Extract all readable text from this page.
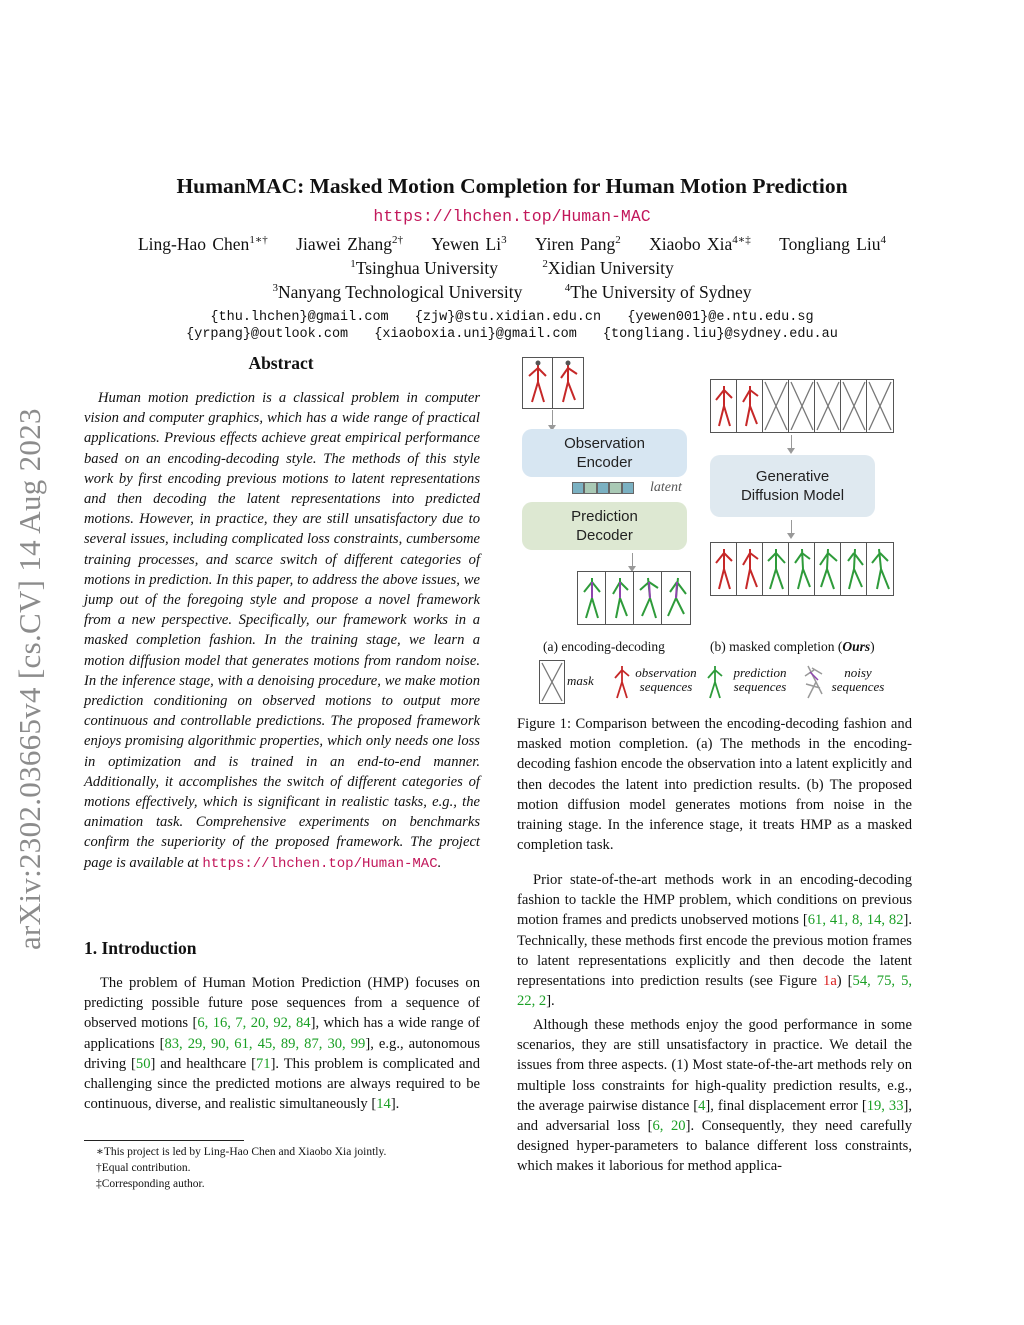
HumanMAC: Masked Motion Completion for Human Motion Prediction
https://lhchen.top/Human-MAC
Ling-Hao Chen$^{1∗\dagger}$ Jiawei Zhang$^{2\dagger}$ Yewen Li$^3$ Yiren Pang$^2$ Xiaobo Xia$^{4∗\ddagger}$ Tongliang Liu$^4$
$^1$Tsinghua University	$^2$Xidian University
$^3$Nanyang Technological University	$^4$The University of Sydney
{thu.lhchen}@gmail.com {zjw}@stu.xidian.edu.cn {yewen001}@e.ntu.edu.sg
{yrpang}@outlook.com {xiaoboxia.uni}@gmail.com {tongliang.liu}@sydney.edu.au
arXiv:2302.03665v4 [cs.CV] 14 Aug 2023
Abstract
Human motion prediction is a classical problem in computer vision and computer graphics, which has a wide range of practical applications. Previous effects achieve great empirical performance based on an encoding-decoding style. The methods of this style work by first encoding previous motions to latent representations and then decoding the latent representations into predicted motions. However, in practice, they are still unsatisfactory due to several issues, including complicated loss constraints, cumbersome training processes, and scarce switch of different categories of motions in prediction. In this paper, to address the above issues, we jump out of the foregoing style and propose a novel framework from a new perspective. Specifically, our framework works in a masked completion fashion. In the training stage, we learn a motion diffusion model that generates motions from random noise. In the inference stage, with a denoising procedure, we make motion prediction conditioning on observed motions to output more continuous and controllable predictions. The proposed framework enjoys promising algorithmic properties, which only needs one loss in optimization and is trained in an end-to-end manner. Additionally, it accomplishes the switch of different categories of motions effectively, which is significant in realistic tasks, e.g., the animation task. Comprehensive experiments on benchmarks confirm the superiority of the proposed framework. The project page is available at https://lhchen.top/Human-MAC.
1. Introduction
The problem of Human Motion Prediction (HMP) focuses on predicting possible future pose sequences from a sequence of observed motions [6, 16, 7, 20, 92, 84], which has a wide range of applications [83, 29, 90, 61, 45, 89, 87, 30, 99], e.g., autonomous driving [50] and healthcare [71]. This problem is complicated and challenging since the predicted motions are always required to be continuous, diverse, and realistic simultaneously [14].
∗This project is led by Ling-Hao Chen and Xiaobo Xia jointly.
†Equal contribution.
‡Corresponding author.
Observation Encoder
latent
Prediction Decoder
Generative Diffusion Model
(a) encoding-decoding	(b) masked completion (Ours)
mask
observation sequences
prediction sequences
noisy sequences
Figure 1: Comparison between the encoding-decoding fashion and masked motion completion. (a) The methods in the encoding-decoding fashion encode the observation into a latent explicitly and then decodes the latent into prediction results. (b) The proposed motion diffusion model generates motions from noise in the training stage. In the inference stage, it treats HMP as a masked completion task.
Prior state-of-the-art methods work in an encoding-decoding fashion to tackle the HMP problem, which conditions on previous motion frames and predicts unobserved motions [61, 41, 8, 14, 82]. Technically, these methods first encode the previous motion frames to latent representations explicitly and then decode the latent representations into prediction results (see Figure 1a) [54, 75, 5, 22, 2].
Although these methods enjoy the good performance in some scenarios, they are still unsatisfactory in practice. We detail the issues from three aspects. (1) Most state-of-the-art methods rely on multiple loss constraints for high-quality prediction results, e.g., the average pairwise distance [4], final displacement error [19, 33], and adversarial loss [6, 20]. Consequently, they need carefully designed hyper-parameters to balance different loss constraints, which makes it laborious for method applica-
